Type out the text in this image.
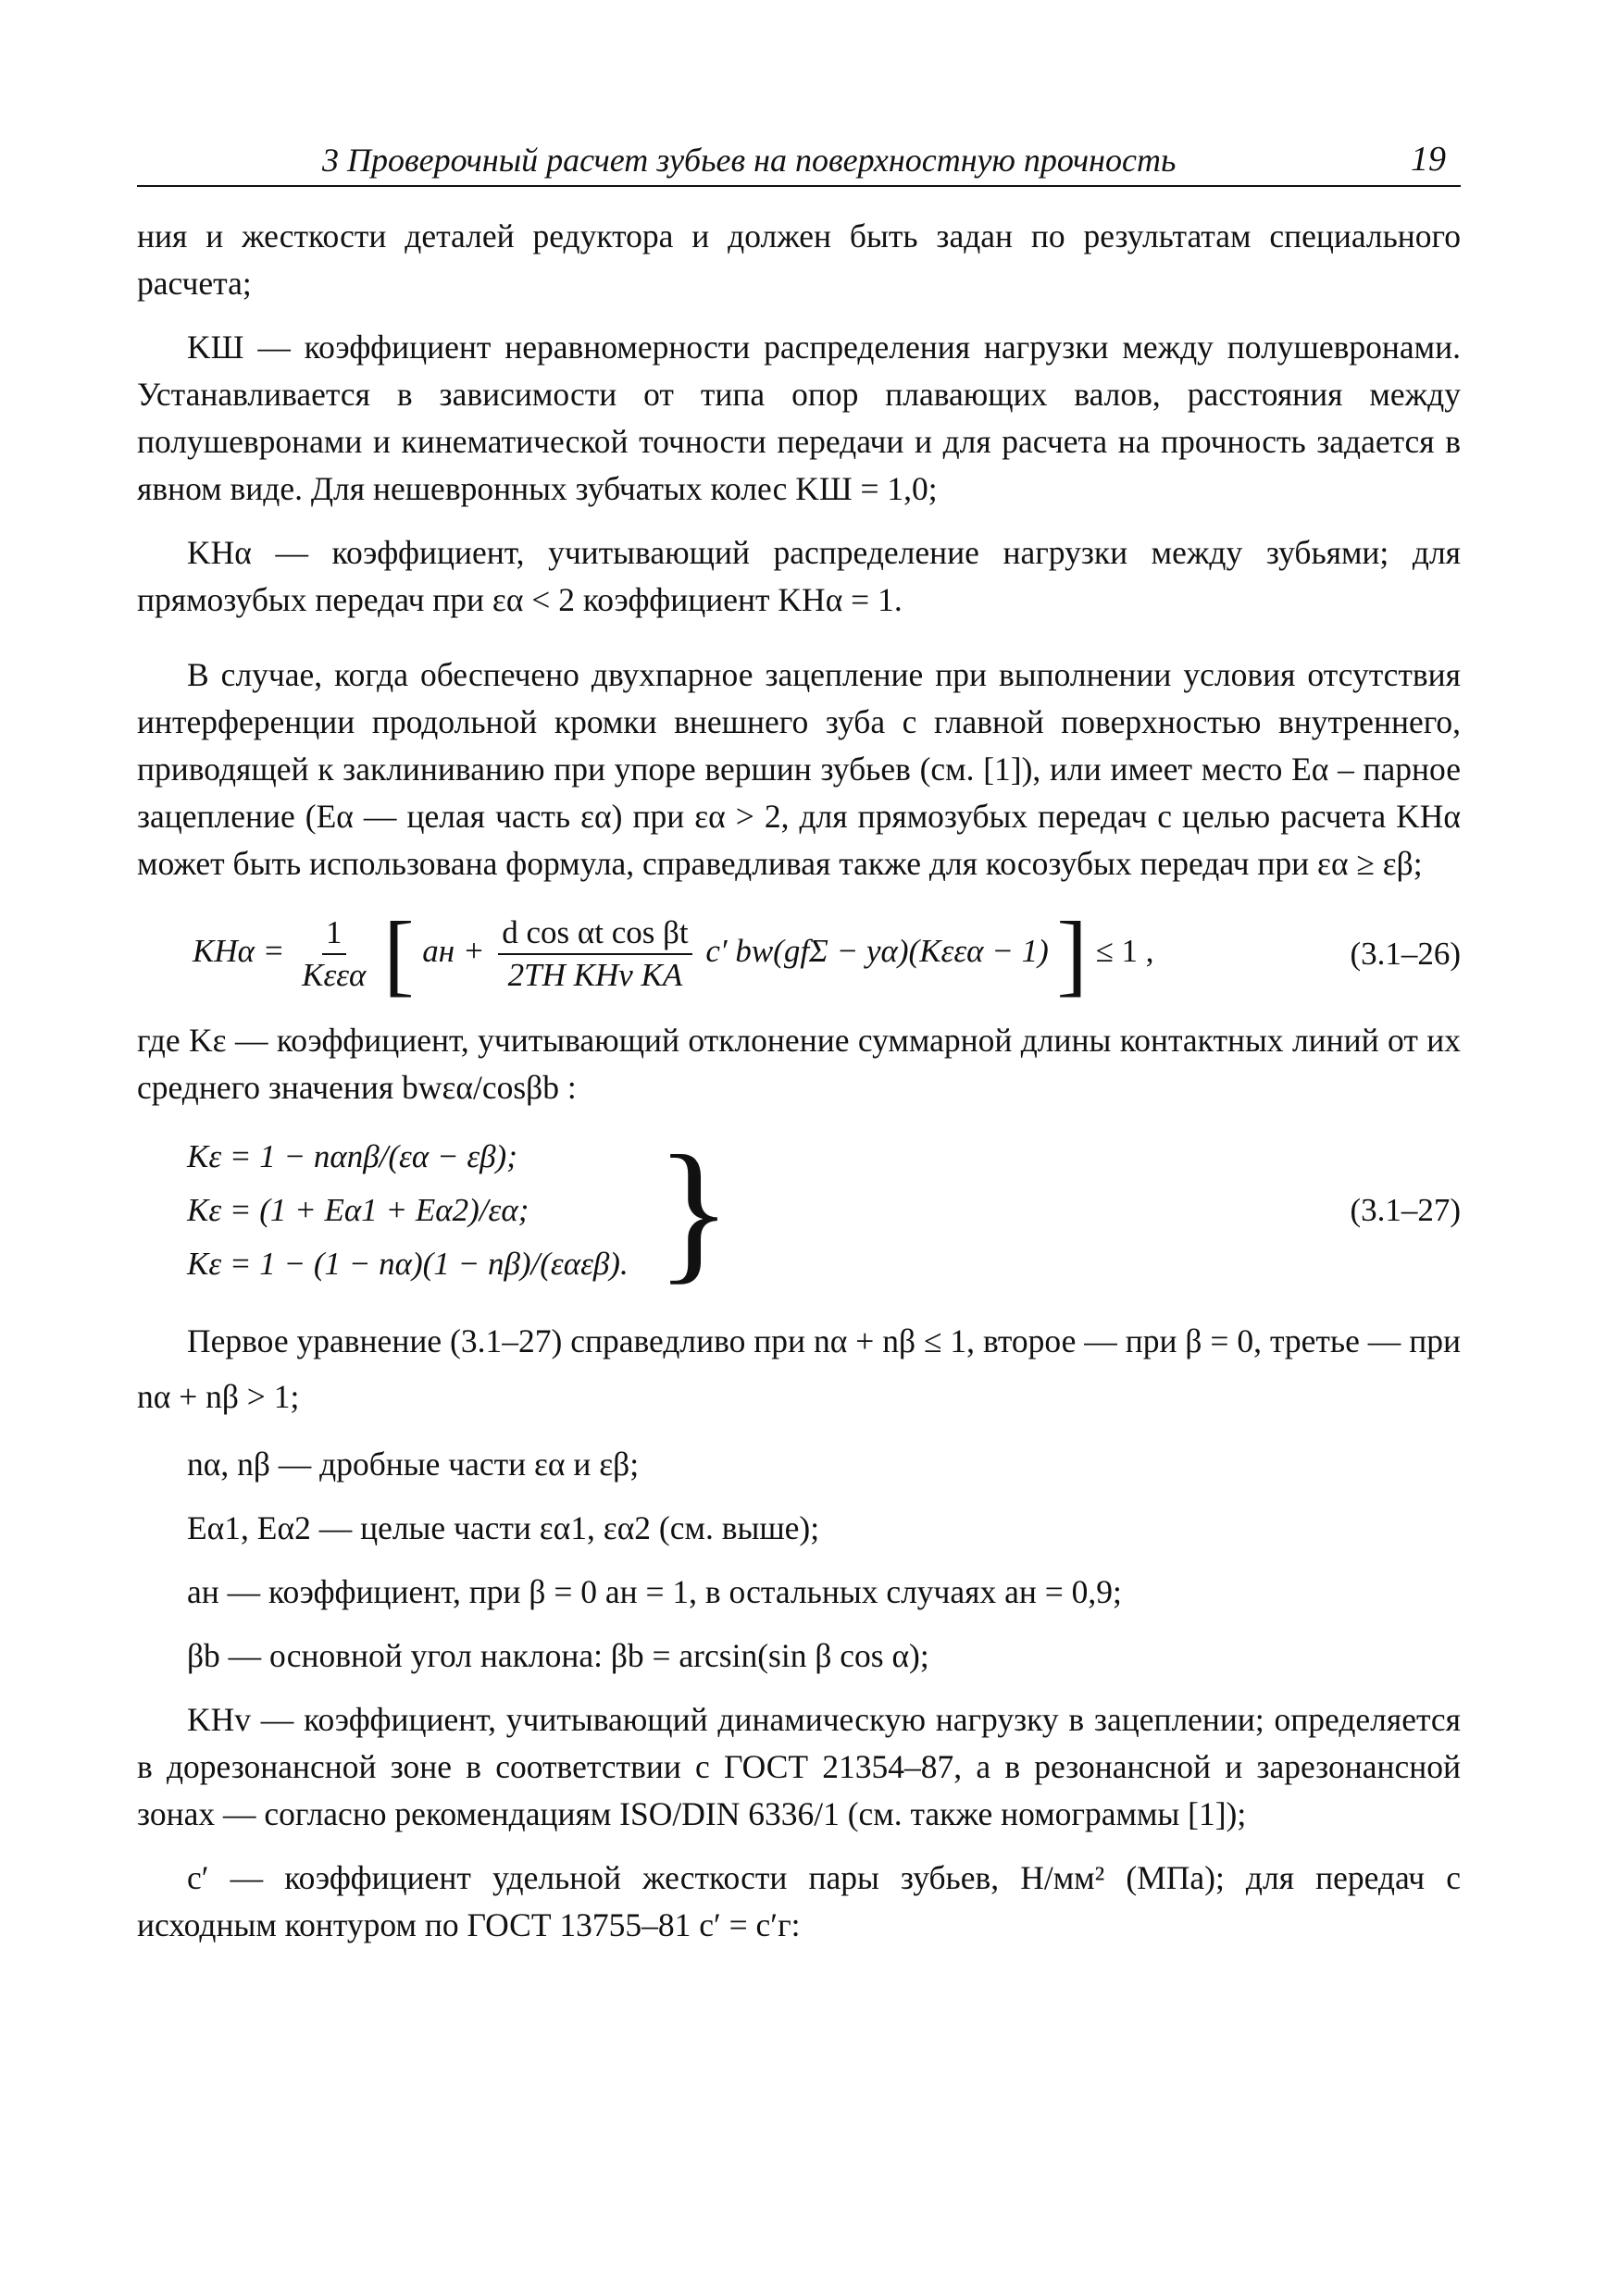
3 Проверочный расчет зубьев на поверхностную прочность	19

ния и жесткости деталей редуктора и должен быть задан по результатам специального расчета;

KШ — коэффициент неравномерности распределения нагрузки между полушевронами. Устанавливается в зависимости от типа опор плавающих валов, расстояния между полушевронами и кинематической точности передачи и для расчета на прочность задается в явном виде. Для нешевронных зубчатых колес KШ = 1,0;

KHα — коэффициент, учитывающий распределение нагрузки между зубьями; для прямозубых передач при εα < 2 коэффициент KHα = 1.

В случае, когда обеспечено двухпарное зацепление при выполнении условия отсутствия интерференции продольной кромки внешнего зуба с главной поверхностью внутреннего, приводящей к заклиниванию при упоре вершин зубьев (см. [1]), или имеет место Eα – парное зацепление (Eα — целая часть εα) при εα > 2, для прямозубых передач с целью расчета KHα может быть использована формула, справедливая также для косозубых передач при εα ≥ εβ;

$KH\alpha = \frac{1}{\text{Kεεα}}$ [ aн + $\frac{\text{d cos αt cos βt}}{\text{2TH KHv KA}} c'$ bw(gfΣ − yα)(Kεεα − 1) ] ≤ 1 ,	(3.1–26)

где Kε — коэффициент, учитывающий отклонение суммарной длины контактных линий от их среднего значения bwεα/cosβb :

Kε = 1 − nαnβ/(εα − εβ);
Kε = (1 + Eα1 + Eα2)/εα;
Kε = 1 − (1 − nα)(1 − nβ)/(εαεβ). }	(3.1–27)

Первое уравнение (3.1–27) справедливо при nα + nβ ≤ 1, второе — при β = 0, третье — при nα + nβ > 1;

nα, nβ — дробные части εα и εβ;

Eα1, Eα2 — целые части εα1, εα2 (см. выше);

aн — коэффициент, при β = 0 aн = 1, в остальных случаях aн = 0,9;

βb — основной угол наклона: βb = arcsin(sin β cos α);

KHv — коэффициент, учитывающий динамическую нагрузку в зацеплении; определяется в дорезонансной зоне в соответствии с ГОСТ 21354–87, а в резонансной и зарезонансной зонах — согласно рекомендациям ISO/DIN 6336/1 (см. также номограммы [1]);

c′ — коэффициент удельной жесткости пары зубьев, Н/мм² (МПа); для передач с исходным контуром по ГОСТ 13755–81 c′ = c′г:
